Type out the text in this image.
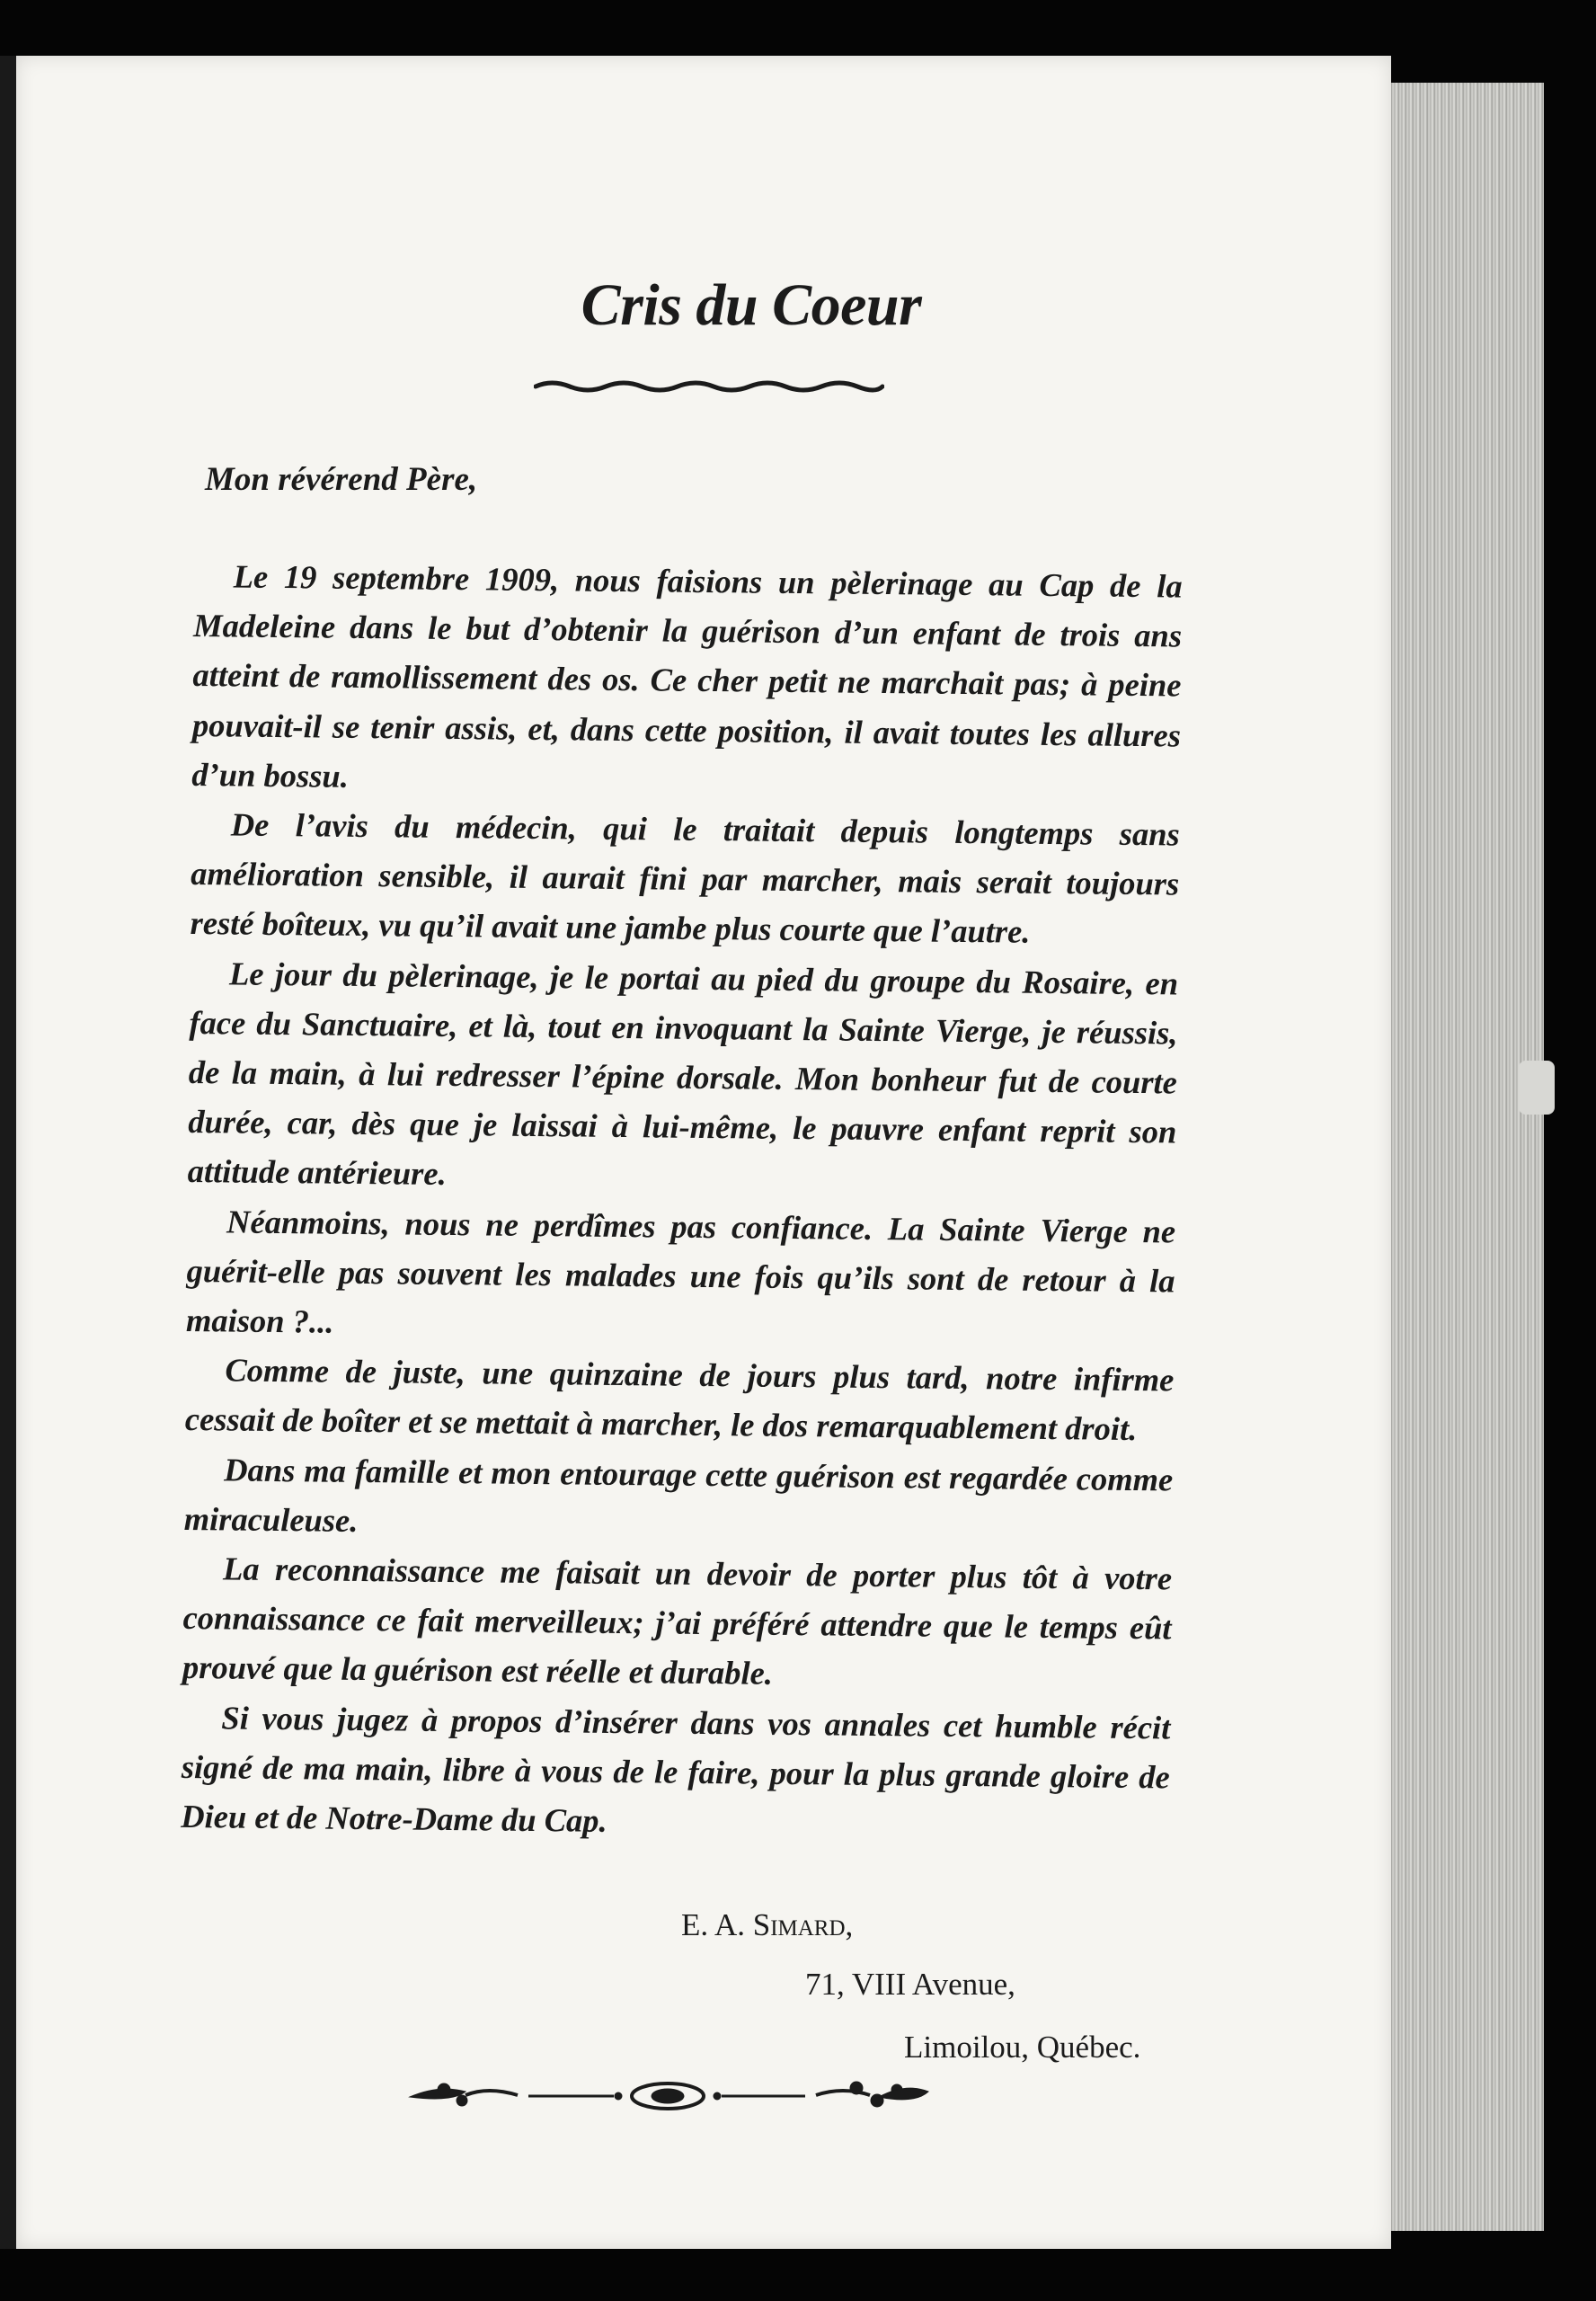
Cris du Coeur
Mon révérend Père,

Le 19 septembre 1909, nous faisions un pèlerinage au Cap de la Madeleine dans le but d’obtenir la guérison d’un enfant de trois ans atteint de ramollissement des os. Ce cher petit ne marchait pas; à peine pouvait-il se tenir assis, et, dans cette position, il avait toutes les allures d’un bossu.

De l’avis du médecin, qui le traitait depuis longtemps sans amélioration sensible, il aurait fini par marcher, mais serait toujours resté boîteux, vu qu’il avait une jambe plus courte que l’autre.

Le jour du pèlerinage, je le portai au pied du groupe du Rosaire, en face du Sanctuaire, et là, tout en invoquant la Sainte Vierge, je réussis, de la main, à lui redresser l’épine dorsale. Mon bonheur fut de courte durée, car, dès que je laissai à lui-même, le pauvre enfant reprit son attitude antérieure.

Néanmoins, nous ne perdîmes pas confiance. La Sainte Vierge ne guérit-elle pas souvent les malades une fois qu’ils sont de retour à la maison ?...

Comme de juste, une quinzaine de jours plus tard, notre infirme cessait de boîter et se mettait à marcher, le dos remarquablement droit.

Dans ma famille et mon entourage cette guérison est regardée comme miraculeuse.

La reconnaissance me faisait un devoir de porter plus tôt à votre connaissance ce fait merveilleux; j’ai préféré attendre que le temps eût prouvé que la guérison est réelle et durable.

Si vous jugez à propos d’insérer dans vos annales cet humble récit signé de ma main, libre à vous de le faire, pour la plus grande gloire de Dieu et de Notre-Dame du Cap.

E. A. Simard,
71, VIII Avenue,
Limoilou, Québec.
